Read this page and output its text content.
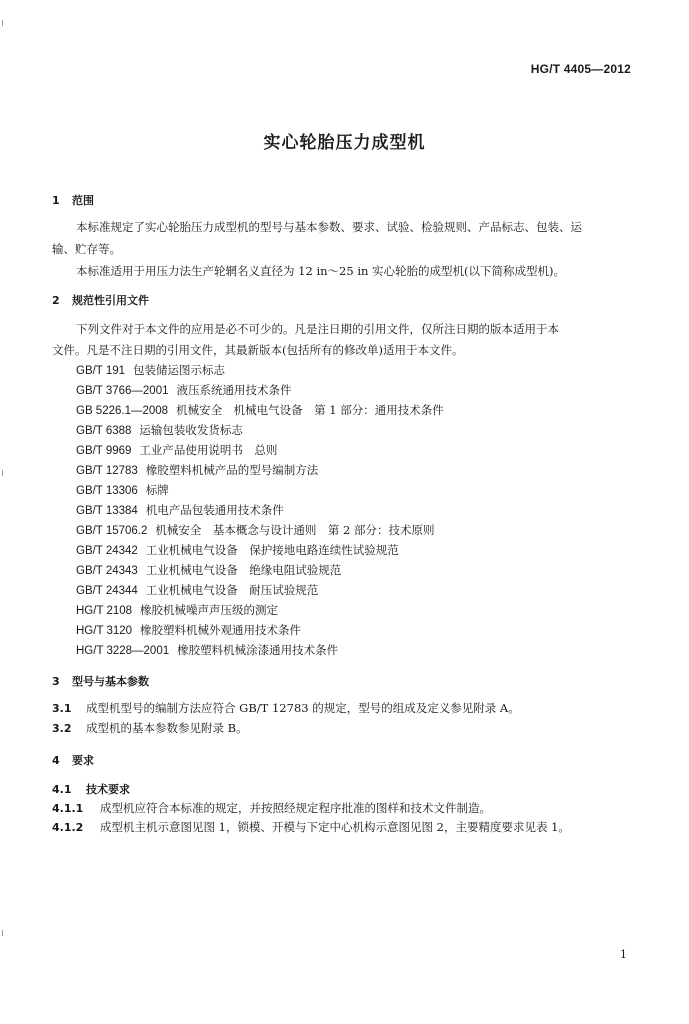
HG/T 4405—2012
实心轮胎压力成型机
1 范围
本标准规定了实心轮胎压力成型机的型号与基本参数、要求、试验、检验规则、产品标志、包装、运
输、贮存等。
本标准适用于用压力法生产轮辋名义直径为 12 in～25 in 实心轮胎的成型机(以下简称成型机)。
2 规范性引用文件
下列文件对于本文件的应用是必不可少的。凡是注日期的引用文件，仅所注日期的版本适用于本
文件。凡是不注日期的引用文件，其最新版本(包括所有的修改单)适用于本文件。
GB/T 191 包装储运图示标志
GB/T 3766—2001 液压系统通用技术条件
GB 5226.1—2008 机械安全　机械电气设备　第 1 部分：通用技术条件
GB/T 6388 运输包装收发货标志
GB/T 9969 工业产品使用说明书　总则
GB/T 12783 橡胶塑料机械产品的型号编制方法
GB/T 13306 标牌
GB/T 13384 机电产品包装通用技术条件
GB/T 15706.2 机械安全　基本概念与设计通则　第 2 部分：技术原则
GB/T 24342 工业机械电气设备　保护接地电路连续性试验规范
GB/T 24343 工业机械电气设备　绝缘电阻试验规范
GB/T 24344 工业机械电气设备　耐压试验规范
HG/T 2108 橡胶机械噪声声压级的测定
HG/T 3120 橡胶塑料机械外观通用技术条件
HG/T 3228—2001 橡胶塑料机械涂漆通用技术条件
3 型号与基本参数
3.1 成型机型号的编制方法应符合 GB/T 12783 的规定，型号的组成及定义参见附录 A。
3.2 成型机的基本参数参见附录 B。
4 要求
4.1 技术要求
4.1.1 成型机应符合本标准的规定，并按照经规定程序批准的图样和技术文件制造。
4.1.2 成型机主机示意图见图 1，锁模、开模与下定中心机构示意图见图 2，主要精度要求见表 1。
1
